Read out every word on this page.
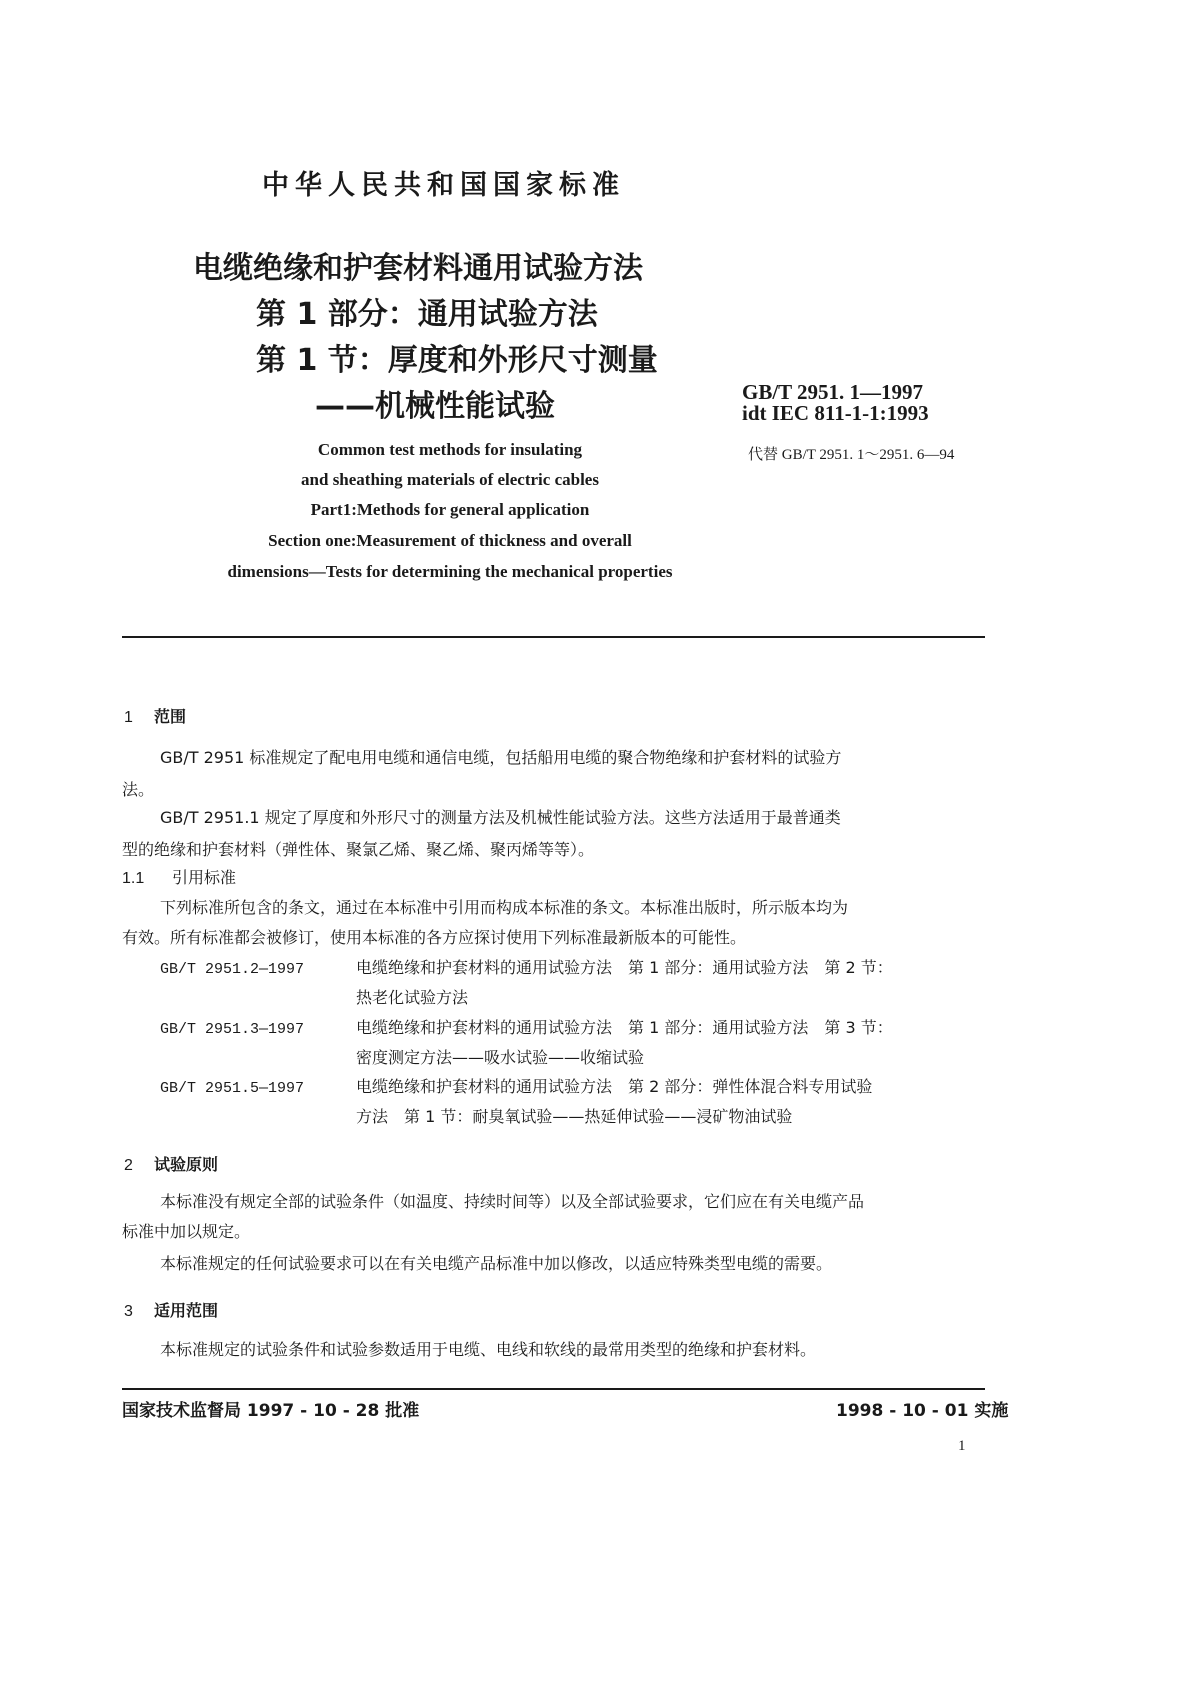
中华人民共和国国家标准
电缆绝缘和护套材料通用试验方法
第 1 部分：通用试验方法
第 1 节：厚度和外形尺寸测量
——机械性能试验	GB/T 2951. 1—1997
idt IEC 811-1-1:1993
代替 GB/T 2951. 1～2951. 6—94
Common test methods for insulating
and sheathing materials of electric cables
Part1:Methods for general application
Section one:Measurement of thickness and overall
dimensions—Tests for determining the mechanical properties
1 范围
GB/T 2951 标准规定了配电用电缆和通信电缆，包括船用电缆的聚合物绝缘和护套材料的试验方
法。
GB/T 2951.1 规定了厚度和外形尺寸的测量方法及机械性能试验方法。这些方法适用于最普通类
型的绝缘和护套材料（弹性体、聚氯乙烯、聚乙烯、聚丙烯等等）。
1.1 引用标准
下列标准所包含的条文，通过在本标准中引用而构成本标准的条文。本标准出版时，所示版本均为
有效。所有标准都会被修订，使用本标准的各方应探讨使用下列标准最新版本的可能性。
GB/T 2951.2—1997	电缆绝缘和护套材料的通用试验方法　第 1 部分：通用试验方法　第 2 节：
热老化试验方法
GB/T 2951.3—1997	电缆绝缘和护套材料的通用试验方法　第 1 部分：通用试验方法　第 3 节：
密度测定方法——吸水试验——收缩试验
GB/T 2951.5—1997	电缆绝缘和护套材料的通用试验方法　第 2 部分：弹性体混合料专用试验
方法　第 1 节：耐臭氧试验——热延伸试验——浸矿物油试验
2 试验原则
本标准没有规定全部的试验条件（如温度、持续时间等）以及全部试验要求，它们应在有关电缆产品
标准中加以规定。
本标准规定的任何试验要求可以在有关电缆产品标准中加以修改，以适应特殊类型电缆的需要。
3 适用范围
本标准规定的试验条件和试验参数适用于电缆、电线和软线的最常用类型的绝缘和护套材料。
国家技术监督局 1997 - 10 - 28 批准	1998 - 10 - 01 实施
1
